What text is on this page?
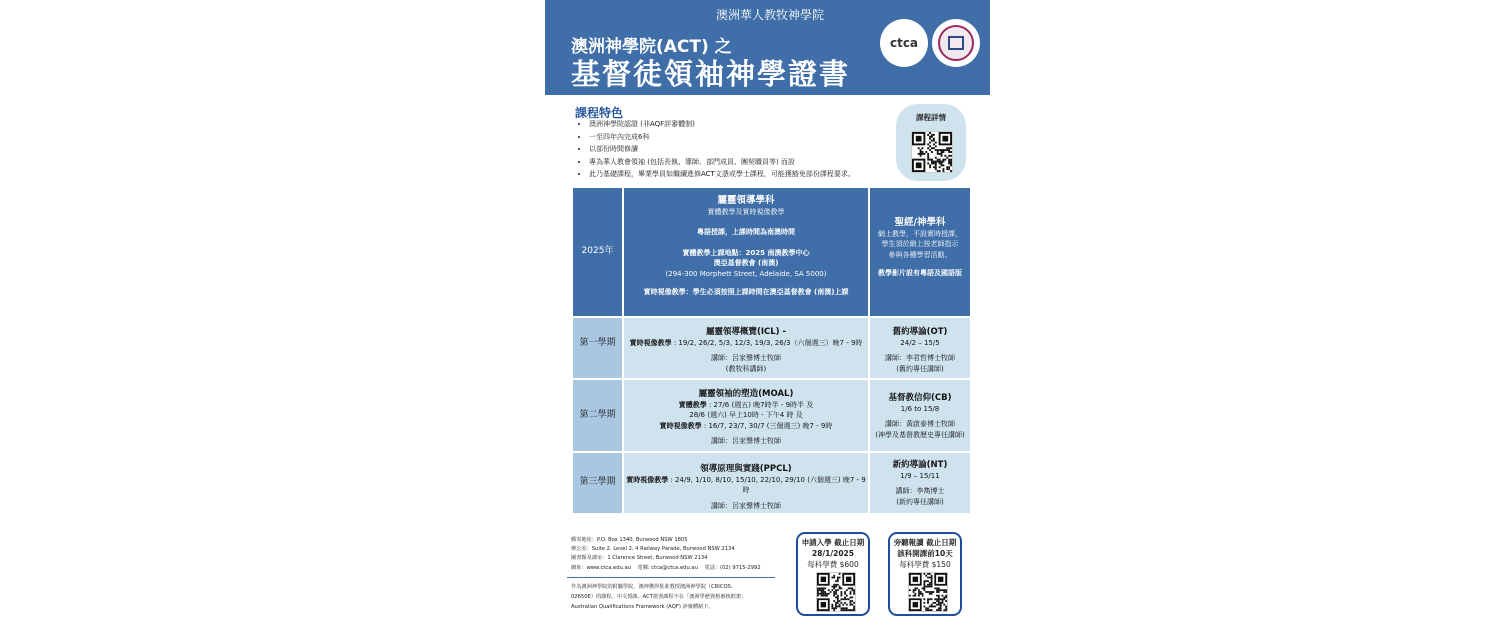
澳洲華人教牧神學院
澳洲神學院(ACT) 之
基督徒領袖神學證書
ctca
課程特色
• 澳洲神學院認證 (非AQF評審體制)
• 一至四年內完成6科
• 以部份時間修讀
• 專為華人教會領袖 (包括長執、導師、部門成員、團契職員等) 而設
• 此乃基礎課程，畢業學員如繼續進修ACT文憑或學士課程，可能獲豁免部份課程要求。
課程詳情
2025年

屬靈領導學科

實體教學及實時視像教學

粵語授課，上課時間為南澳時間

實體教學上課地點：2025 南澳教學中心

澳亞基督教會 (南澳)

(294-300 Morphett Street, Adelaide, SA 5000)

實時視像教學：學生必須按照上課時間在澳亞基督教會 (南澳)上課

聖經/神學科

網上教學，不設實時授課，

學生須於網上按老師指示

參與各種學習活動。

教學影片設有粵語及國語版

第一學期

屬靈領導概覽(ICL) -

實時視像教學 : 19/2, 26/2, 5/3, 12/3, 19/3, 26/3（六個週三）晚7 - 9時

講師：呂家聲博士牧師

(教牧科講師)

舊約導論(OT)

24/2 – 15/5

講師：李君哲博士牧師

(舊約專任講師)

第二學期

屬靈領袖的塑造(MOAL)

實體教學 : 27/6 (週五) 晚7時半 - 9時半 及

28/6 (週六) 早上10時 - 下午4 時 及

實時視像教學 : 16/7, 23/7, 30/7 (三個週三) 晚7 - 9時

講師：呂家聲博士牧師

基督教信仰(CB)

1/6 to 15/8

講師：黃啟泰博士牧師

(神學及基督教歷史專任講師)

第三學期

領導原理與實踐(PPCL)

實時視像教學 : 24/9, 1/10, 8/10, 15/10, 22/10, 29/10 (六個週三) 晚7 - 9 時

講師：呂家聲博士牧師

新約導論(NT)

1/9 – 15/11

講師：李雋博士

(新約專任講師)

郵寄地址：P.O. Box 1340, Burwood NSW 1805
辦公室：Suite 2, Level 2, 4 Railway Parade, Burwood NSW 2134
圖書館及課室：1 Clarence Street, Burwood NSW 2134
網址：www.ctca.edu.au 電郵: ctca@ctca.edu.au 電話：(02) 9715-2992
作為澳洲神學院的附屬學院，澳神獲得批准教授澳洲神學院（CRICOS:
02650E）的課程。中文授課。ACT證書課程不在「澳洲學歷資格審核框架」
Australian Qualifications Framework (AQF) 評審體制下。
申請入學 截止日期
28/1/2025
每科學費 $600
旁聽報讀 截止日期
該科開課前10天
每科學費 $150
